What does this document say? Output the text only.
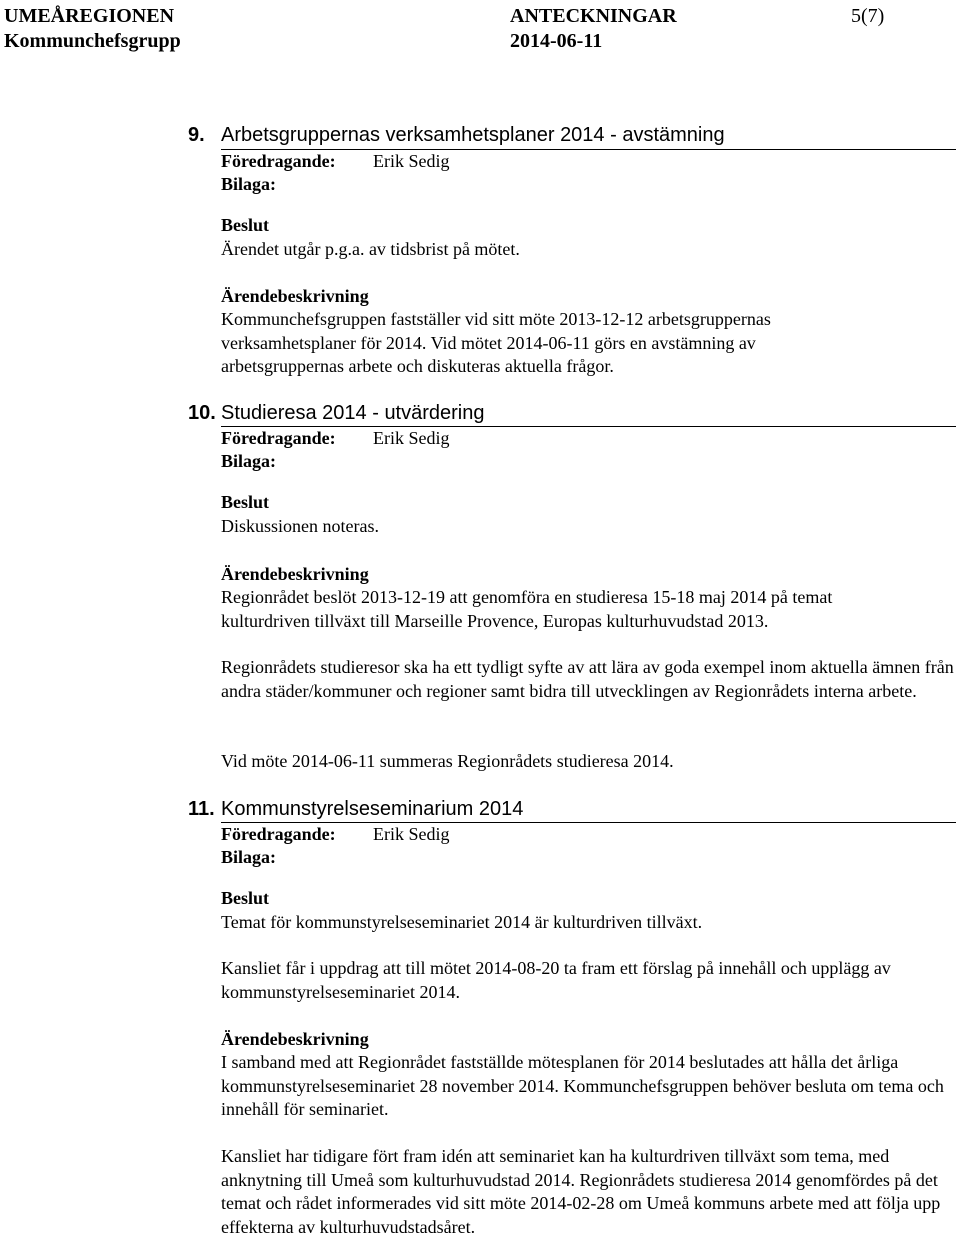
UMEÅREGIONEN	ANTECKNINGAR	5(7)
Kommunchefsgrupp	2014-06-11
9. Arbetsgruppernas verksamhetsplaner 2014 - avstämning
Föredragande: Erik Sedig
Bilaga:
Beslut
Ärendet utgår p.g.a. av tidsbrist på mötet.
Ärendebeskrivning
Kommunchefsgruppen fastställer vid sitt möte 2013-12-12 arbetsgruppernas verksamhetsplaner för 2014. Vid mötet 2014-06-11 görs en avstämning av arbetsgruppernas arbete och diskuteras aktuella frågor.
10. Studieresa 2014 - utvärdering
Föredragande: Erik Sedig
Bilaga:
Beslut
Diskussionen noteras.
Ärendebeskrivning
Regionrådet beslöt 2013-12-19 att genomföra en studieresa 15-18 maj 2014 på temat kulturdriven tillväxt till Marseille Provence, Europas kulturhuvudstad 2013.
Regionrådets studieresor ska ha ett tydligt syfte av att lära av goda exempel inom aktuella ämnen från andra städer/kommuner och regioner samt bidra till utvecklingen av Regionrådets interna arbete.
Vid möte 2014-06-11 summeras Regionrådets studieresa 2014.
11. Kommunstyrelseseminarium 2014
Föredragande: Erik Sedig
Bilaga:
Beslut
Temat för kommunstyrelseseminariet 2014 är kulturdriven tillväxt.
Kansliet får i uppdrag att till mötet 2014-08-20 ta fram ett förslag på innehåll och upplägg av kommunstyrelseseminariet 2014.
Ärendebeskrivning
I samband med att Regionrådet fastställde mötesplanen för 2014 beslutades att hålla det årliga kommunstyrelseseminariet 28 november 2014. Kommunchefsgruppen behöver besluta om tema och innehåll för seminariet.
Kansliet har tidigare fört fram idén att seminariet kan ha kulturdriven tillväxt som tema, med anknytning till Umeå som kulturhuvudstad 2014. Regionrådets studieresa 2014 genomfördes på det temat och rådet informerades vid sitt möte 2014-02-28 om Umeå kommuns arbete med att följa upp effekterna av kulturhuvudstadsåret.
